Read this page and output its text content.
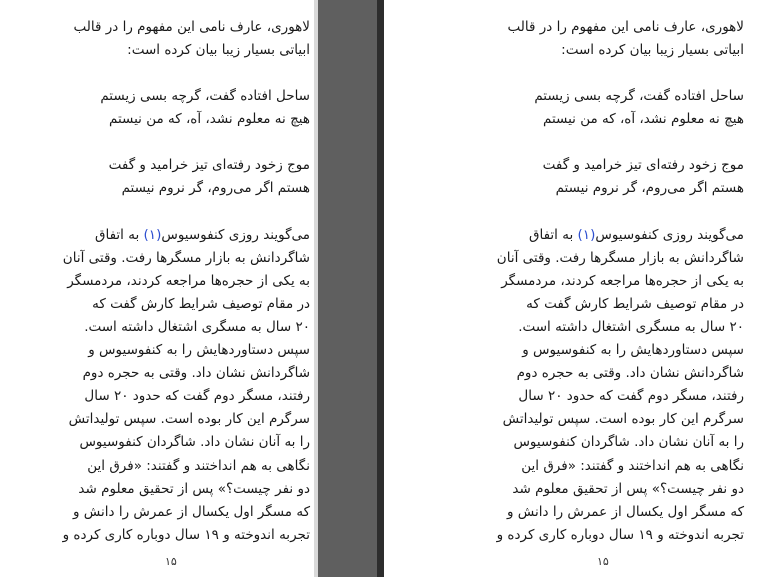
لاهوری، عارف نامی این مفهوم را در قالب
ابیاتی بسیار زیبا بیان کرده است:
ساحل افتاده گفت، گرچه بسی زیستم
هیچ نه معلوم نشد، آه، که من نیستم
موج زخود رفته‌ای تیز خرامید و گفت
هستم اگر می‌روم، گر نروم نیستم
می‌گویند روزی کنفوسیوس(۱) به اتفاق
شاگردانش به بازار مسگرها رفت. وقتی آنان
به یکی از حجره‌ها مراجعه کردند، مردمسگر
در مقام توصیف شرایط کارش گفت که
۲۰ سال به مسگری اشتغال داشته است.
سپس دستاوردهایش را به کنفوسیوس و
شاگردانش نشان داد. وقتی به حجره دوم
رفتند، مسگر دوم گفت که حدود ۲۰ سال
سرگرم این کار بوده است. سپس تولیداتش
را به آنان نشان داد. شاگردان کنفوسیوس
نگاهی به هم انداختند و گفتند: «فرق این
دو نفر چیست؟» پس از تحقیق معلوم شد
که مسگر اول یکسال از عمرش را دانش و
تجربه اندوخته و ۱۹ سال دوباره کاری کرده و
۱۵
لاهوری، عارف نامی این مفهوم را در قالب
ابیاتی بسیار زیبا بیان کرده است:
ساحل افتاده گفت، گرچه بسی زیستم
هیچ نه معلوم نشد، آه، که من نیستم
موج زخود رفته‌ای تیز خرامید و گفت
هستم اگر می‌روم، گر نروم نیستم
می‌گویند روزی کنفوسیوس(۱) به اتفاق
شاگردانش به بازار مسگرها رفت. وقتی آنان
به یکی از حجره‌ها مراجعه کردند، مردمسگر
در مقام توصیف شرایط کارش گفت که
۲۰ سال به مسگری اشتغال داشته است.
سپس دستاوردهایش را به کنفوسیوس و
شاگردانش نشان داد. وقتی به حجره دوم
رفتند، مسگر دوم گفت که حدود ۲۰ سال
سرگرم این کار بوده است. سپس تولیداتش
را به آنان نشان داد. شاگردان کنفوسیوس
نگاهی به هم انداختند و گفتند: «فرق این
دو نفر چیست؟» پس از تحقیق معلوم شد
که مسگر اول یکسال از عمرش را دانش و
تجربه اندوخته و ۱۹ سال دوباره کاری کرده و
۱۵
